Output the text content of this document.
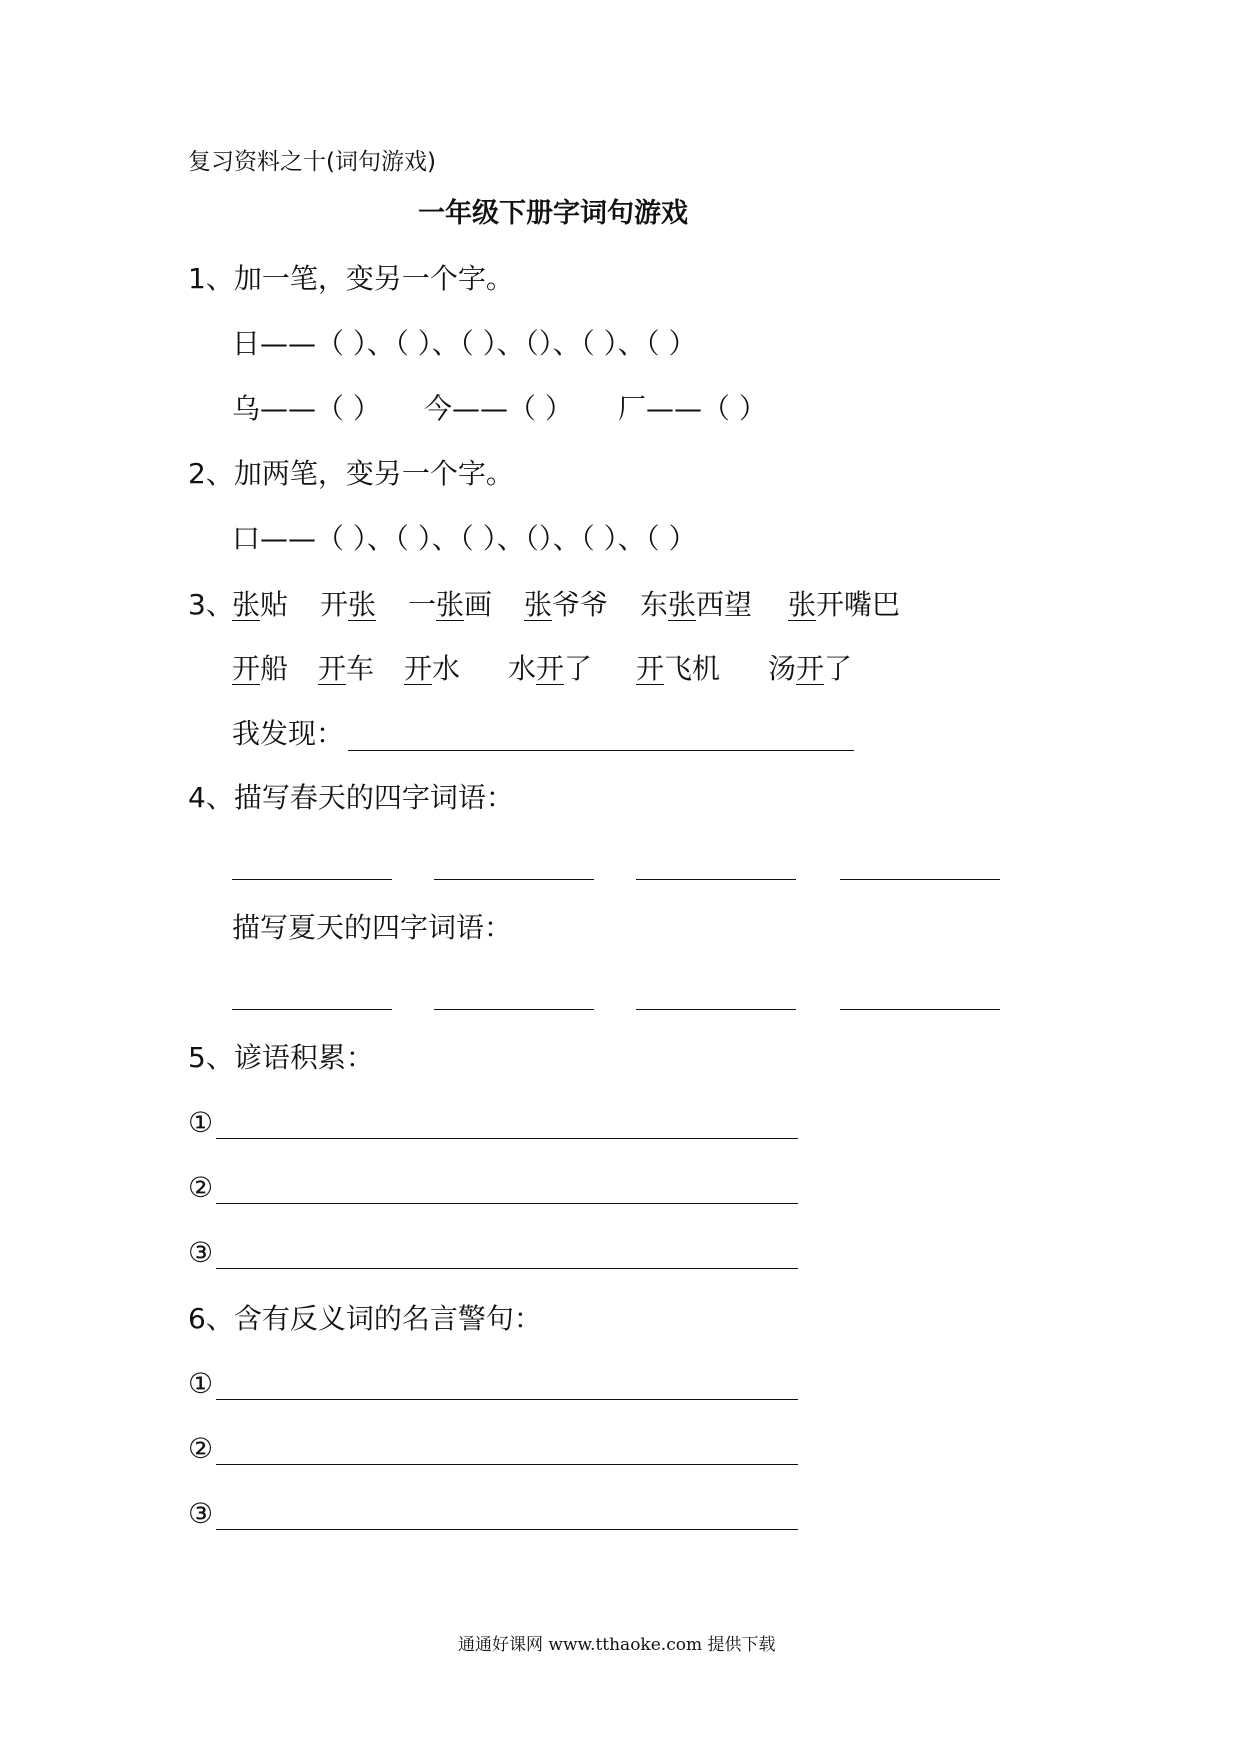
复习资料之十(词句游戏)
一年级下册字词句游戏
1、加一笔，变另一个字。
日——（ ）、（ ）、（ ）、（）、（ ）、（ ）
乌——（ ） 今——（ ） 厂——（ ）
2、加两笔，变另一个字。
口——（ ）、（ ）、（ ）、（）、（ ）、（ ）
3、
张贴 开张 一张画 张爷爷 东张西望 张开嘴巴
开船 开车 开水 水开了 开飞机 汤开了
我发现：
4、描写春天的四字词语：
描写夏天的四字词语：
5、谚语积累：
①
②
③
6、含有反义词的名言警句：
①
②
③
通通好课网 www.tthaoke.com 提供下载
